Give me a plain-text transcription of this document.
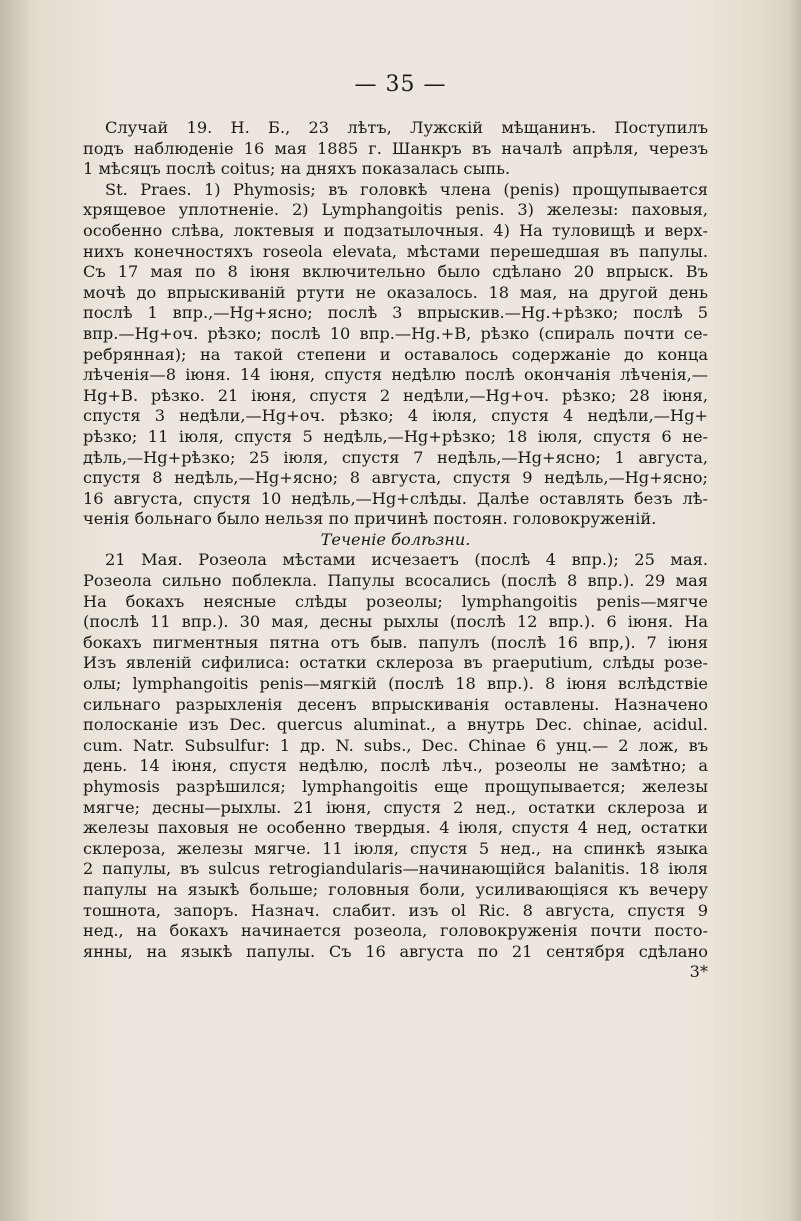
— 35 —
Случай 19. Н. Б., 23 лѣтъ, Лужскій мѣщанинъ. Поступилъ
подъ наблюденіе 16 мая 1885 г. Шанкръ въ началѣ апрѣля, черезъ
1 мѣсяцъ послѣ coitus; на дняхъ показалась сыпь.
St. Praes. 1) Phymosis; въ головкѣ члена (penis) прощупывается
хрящевое уплотненіе. 2) Lymphangoitis penis. 3) железы: паховыя,
особенно слѣва, локтевыя и подзатылочныя. 4) На туловищѣ и верх-
нихъ конечностяхъ roseola elevata, мѣстами перешедшая въ папулы.
Съ 17 мая по 8 іюня включительно было сдѣлано 20 впрыск. Въ
мочѣ до впрыскиваній ртути не оказалось. 18 мая, на другой день
послѣ 1 впр.,—Hg+ясно; послѣ 3 впрыскив.—Hg.+рѣзко; послѣ 5
впр.—Hg+оч. рѣзко; послѣ 10 впр.—Hg.+B, рѣзко (спираль почти се-
ребрянная); на такой степени и оставалось содержаніе до конца
лѣченія—8 іюня. 14 іюня, спустя недѣлю послѣ окончанія лѣченія,—
Hg+B. рѣзко. 21 іюня, спустя 2 недѣли,—Hg+оч. рѣзко; 28 іюня,
спустя 3 недѣли,—Hg+оч. рѣзко; 4 іюля, спустя 4 недѣли,—Hg+
рѣзко; 11 іюля, спустя 5 недѣль,—Hg+рѣзко; 18 іюля, спустя 6 не-
дѣль,—Hg+рѣзко; 25 іюля, спустя 7 недѣль,—Hg+ясно; 1 августа,
спустя 8 недѣль,—Hg+ясно; 8 августа, спустя 9 недѣль,—Hg+ясно;
16 августа, спустя 10 недѣль,—Hg+слѣды. Далѣе оставлять безъ лѣ-
ченія больнаго было нельзя по причинѣ постоян. головокруженій.
Теченіе болѣзни.
21 Мая. Розеола мѣстами исчезаетъ (послѣ 4 впр.); 25 мая.
Розеола сильно поблекла. Папулы всосались (послѣ 8 впр.). 29 мая
На бокахъ неясные слѣды розеолы; lymphangoitis penis—мягче
(послѣ 11 впр.). 30 мая, десны рыхлы (послѣ 12 впр.). 6 іюня. На
бокахъ пигментныя пятна отъ быв. папулъ (послѣ 16 впр,). 7 іюня
Изъ явленій сифилиса: остатки склероза въ praeputium, слѣды розе-
олы; lymphangoitis penis—мягкій (послѣ 18 впр.). 8 іюня вслѣдствіе
сильнаго разрыхленія десенъ впрыскиванія оставлены. Назначено
полосканіе изъ Dec. quercus aluminat., а внутрь Dec. chinae, acidul.
cum. Natr. Subsulfur: 1 др. N. subs., Dec. Chinae 6 унц.— 2 лож, въ
день. 14 іюня, спустя недѣлю, послѣ лѣч., розеолы не замѣтно; а
phymosis разрѣшился; lymphangoitis еще прощупывается; железы
мягче; десны—рыхлы. 21 іюня, спустя 2 нед., остатки склероза и
железы паховыя не особенно твердыя. 4 іюля, спустя 4 нед, остатки
склероза, железы мягче. 11 іюля, спустя 5 нед., на спинкѣ языка
2 папулы, въ sulcus retrogiandularis—начинающійся balanitis. 18 іюля
папулы на языкѣ больше; головныя боли, усиливающіяся къ вечеру
тошнота, запоръ. Назнач. слабит. изъ ol Ric. 8 августа, спустя 9
нед., на бокахъ начинается розеола, головокруженія почти посто-
янны, на языкѣ папулы. Съ 16 августа по 21 сентября сдѣлано
3*
